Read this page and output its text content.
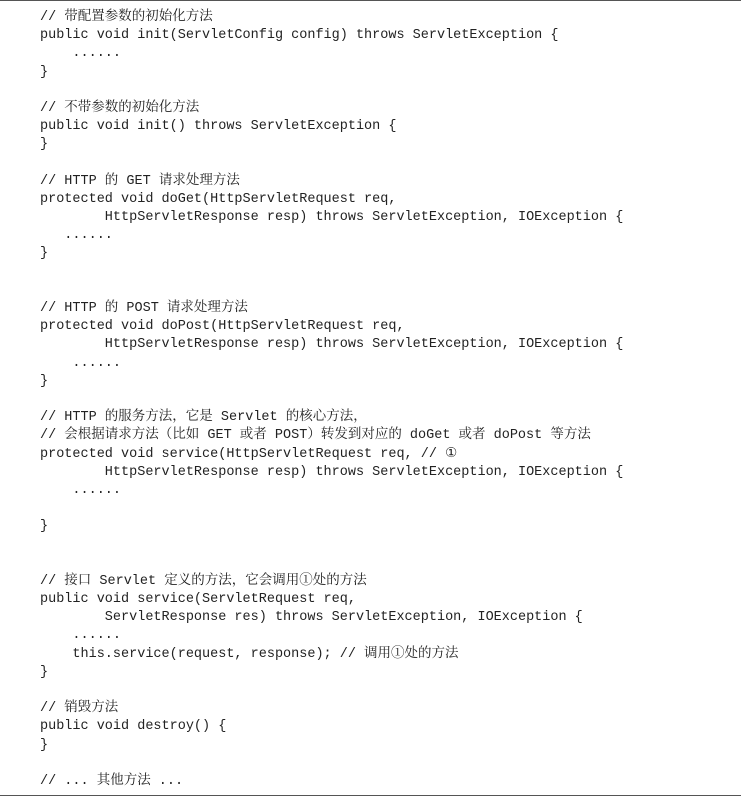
// 带配置参数的初始化方法
public void init(ServletConfig config) throws ServletException {
......
}
// 不带参数的初始化方法
public void init() throws ServletException {
}
// HTTP 的 GET 请求处理方法
protected void doGet(HttpServletRequest req,
HttpServletResponse resp) throws ServletException, IOException {
......
}
// HTTP 的 POST 请求处理方法
protected void doPost(HttpServletRequest req,
HttpServletResponse resp) throws ServletException, IOException {
......
}
// HTTP 的服务方法，它是 Servlet 的核心方法，
// 会根据请求方法（比如 GET 或者 POST）转发到对应的 doGet 或者 doPost 等方法
protected void service(HttpServletRequest req, // ①
HttpServletResponse resp) throws ServletException, IOException {
......
}
// 接口 Servlet 定义的方法，它会调用①处的方法
public void service(ServletRequest req,
ServletResponse res) throws ServletException, IOException {
......
this.service(request, response); // 调用①处的方法
}
// 销毁方法
public void destroy() {
}
// ... 其他方法 ...
